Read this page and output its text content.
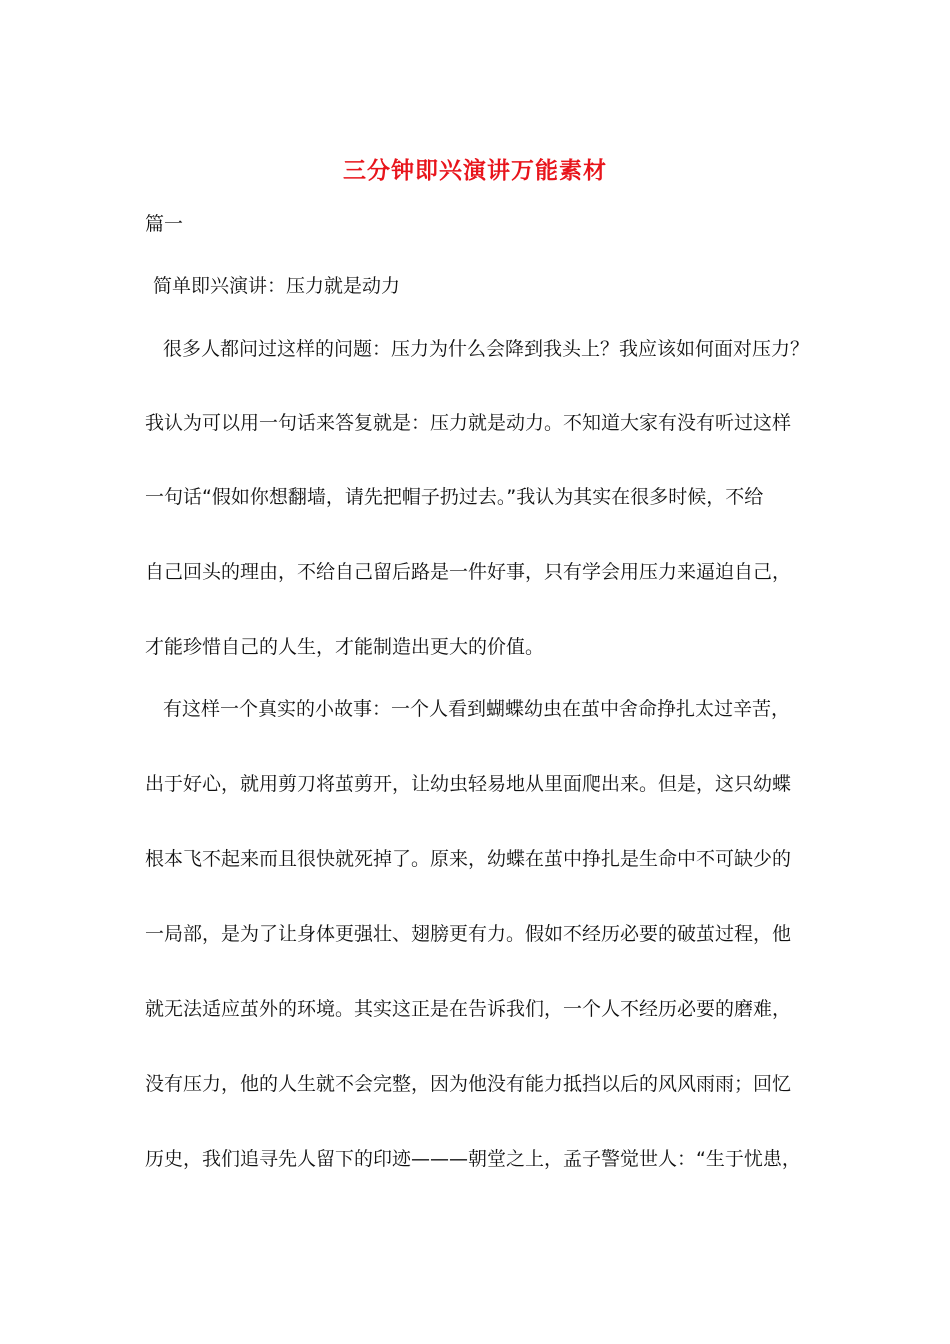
三分钟即兴演讲万能素材
篇一
简单即兴演讲：压力就是动力
很多人都问过这样的问题：压力为什么会降到我头上？我应该如何面对压力？
我认为可以用一句话来答复就是：压力就是动力。不知道大家有没有听过这样
一句话“假如你想翻墙，请先把帽子扔过去。”我认为其实在很多时候，不给
自己回头的理由，不给自己留后路是一件好事，只有学会用压力来逼迫自己，
才能珍惜自己的人生，才能制造出更大的价值。
有这样一个真实的小故事：一个人看到蝴蝶幼虫在茧中舍命挣扎太过辛苦，
出于好心，就用剪刀将茧剪开，让幼虫轻易地从里面爬出来。但是，这只幼蝶
根本飞不起来而且很快就死掉了。原来，幼蝶在茧中挣扎是生命中不可缺少的
一局部，是为了让身体更强壮、翅膀更有力。假如不经历必要的破茧过程，他
就无法适应茧外的环境。其实这正是在告诉我们，一个人不经历必要的磨难，
没有压力，他的人生就不会完整，因为他没有能力抵挡以后的风风雨雨；回忆
历史，我们追寻先人留下的印迹———朝堂之上，孟子警觉世人：“生于忧患，
